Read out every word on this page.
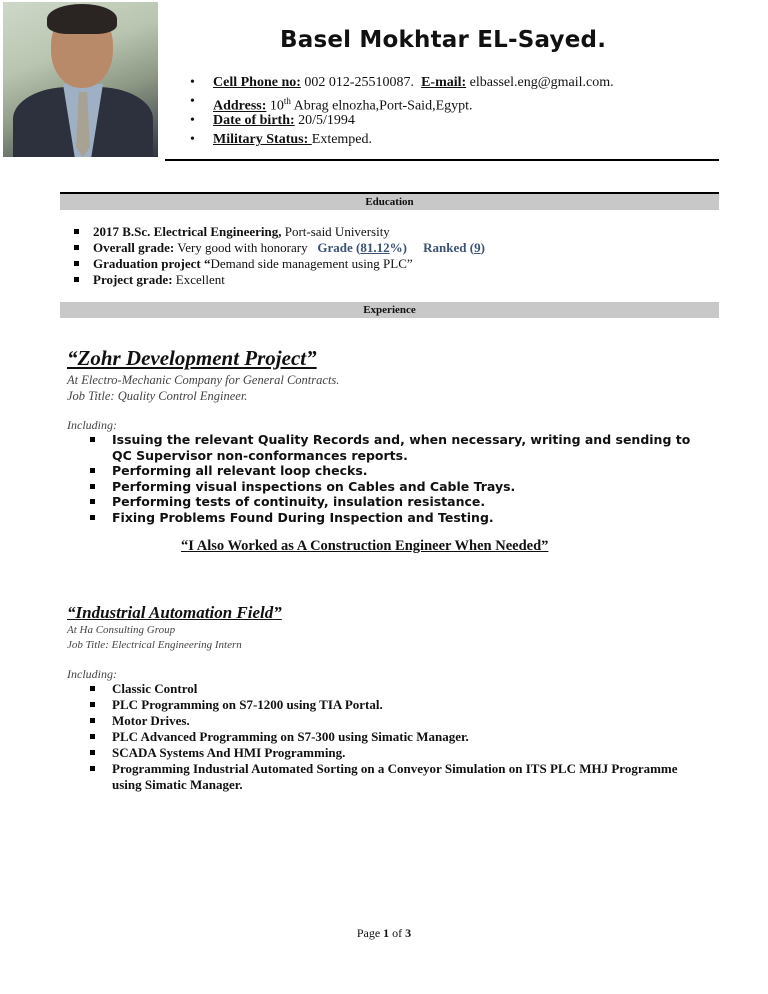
Basel Mokhtar EL-Sayed.
• Cell Phone no: 002 012-25510087. E-mail: elbassel.eng@gmail.com.
• Address: 10th Abrag elnozha,Port-Said,Egypt.
• Date of birth: 20/5/1994
• Military Status: Extemped.
Education
2017 B.Sc. Electrical Engineering, Port-said University
Overall grade: Very good with honorary   Grade (81.12%) Ranked (9)
Graduation project “Demand side management using PLC”
Project grade: Excellent
Experience
“Zohr Development Project”
At Electro-Mechanic Company for General Contracts.
Job Title: Quality Control Engineer.
Including:
Issuing the relevant Quality Records and, when necessary, writing and sending to QC Supervisor non-conformances reports.
Performing all relevant loop checks.
Performing visual inspections on Cables and Cable Trays.
Performing tests of continuity, insulation resistance.
Fixing Problems Found During Inspection and Testing.
“I Also Worked as A Construction Engineer When Needed”
“Industrial Automation Field”
At Ha Consulting Group
Job Title: Electrical Engineering Intern
Including:
Classic Control
PLC Programming on S7-1200 using TIA Portal.
Motor Drives.
PLC Advanced Programming on S7-300 using Simatic Manager.
SCADA Systems And HMI Programming.
Programming Industrial Automated Sorting on a Conveyor Simulation on ITS PLC MHJ Programme using Simatic Manager.
Page 1 of 3
